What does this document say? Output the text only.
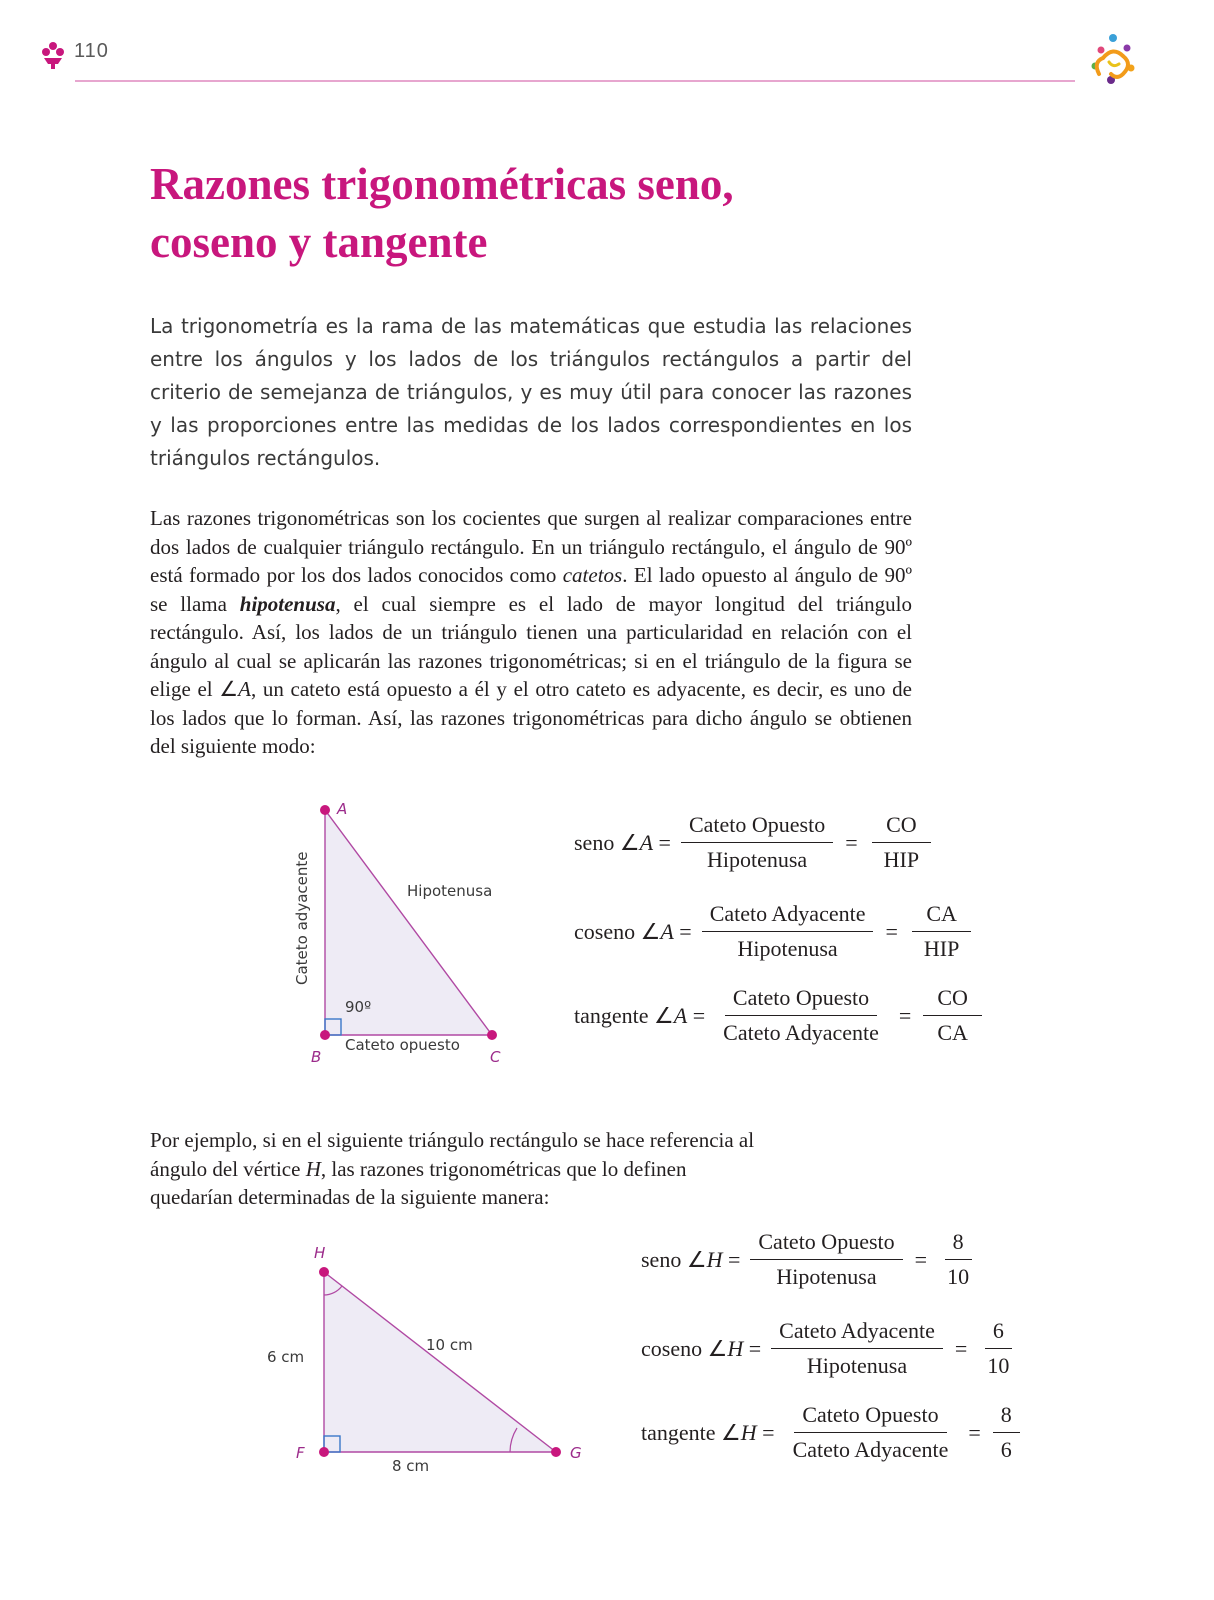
110
Razones trigonométricas seno,
coseno y tangente

La trigonometría es la rama de las matemáticas que estudia las relaciones entre los ángulos y los lados de los triángulos rectángulos a partir del criterio de semejanza de triángulos, y es muy útil para conocer las razones y las proporciones entre las medidas de los lados correspondientes en los triángulos rectángulos.

Las razones trigonométricas son los cocientes que surgen al realizar comparaciones entre dos lados de cualquier triángulo rectángulo. En un triángulo rectángulo, el ángulo de 90º está formado por los dos lados conocidos como catetos. El lado opuesto al ángulo de 90º se llama hipotenusa, el cual siempre es el lado de mayor longitud del triángulo rectángulo. Así, los lados de un triángulo tienen una particularidad en relación con el ángulo al cual se aplicarán las razones trigonométricas; si en el triángulo de la figura se elige el ∠A, un cateto está opuesto a él y el otro cateto es adyacente, es decir, es uno de los lados que lo forman. Así, las razones trigonométricas para dicho ángulo se obtienen del siguiente modo:

A
B	C
Hipotenusa
Cateto adyacente
Cateto opuesto
90º
seno ∠A = $\frac{\text{Cateto Opuesto}}{\text{Hipotenusa}} = \frac{CO}{\text{HIP}}$
coseno ∠A = $\frac{\text{Cateto Adyacente}}{\text{Hipotenusa}} = \frac{CA}{\text{HIP}}$
tangente ∠A = $\frac{\text{Cateto Opuesto}}{\text{Cateto Adyacente}} = \frac{CO}{CA}$

Por ejemplo, si en el siguiente triángulo rectángulo se hace referencia al ángulo del vértice H, las razones trigonométricas que lo definen quedarían determinadas de la siguiente manera:

H
F	G
6 cm
8 cm
10 cm
seno ∠H = $\frac{\text{Cateto Opuesto}}{\text{Hipotenusa}} = \frac{8}{10}$
coseno ∠H = $\frac{\text{Cateto Adyacente}}{\text{Hipotenusa}} = \frac{6}{10}$
tangente ∠H = $\frac{\text{Cateto Opuesto}}{\text{Cateto Adyacente}} = \frac{8}{6}$
